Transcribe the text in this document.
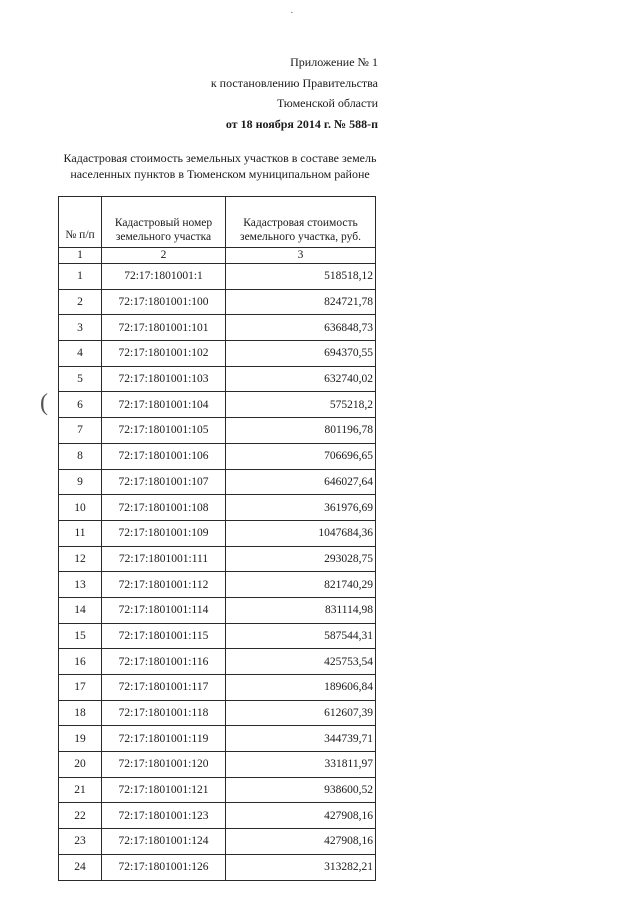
Приложение № 1
к постановлению Правительства
Тюменской области
от 18 ноября 2014 г. № 588-п
Кадастровая стоимость земельных участков в составе земель
населенных пунктов в Тюменском муниципальном районе
№ п/п	Кадастровый номер земельного участка	Кадастровая стоимость земельного участка, руб.
1	2	3
1	72:17:1801001:1	518518,12
2	72:17:1801001:100	824721,78
3	72:17:1801001:101	636848,73
4	72:17:1801001:102	694370,55
5	72:17:1801001:103	632740,02
6	72:17:1801001:104	575218,2
7	72:17:1801001:105	801196,78
8	72:17:1801001:106	706696,65
9	72:17:1801001:107	646027,64
10	72:17:1801001:108	361976,69
11	72:17:1801001:109	1047684,36
12	72:17:1801001:111	293028,75
13	72:17:1801001:112	821740,29
14	72:17:1801001:114	831114,98
15	72:17:1801001:115	587544,31
16	72:17:1801001:116	425753,54
17	72:17:1801001:117	189606,84
18	72:17:1801001:118	612607,39
19	72:17:1801001:119	344739,71
20	72:17:1801001:120	331811,97
21	72:17:1801001:121	938600,52
22	72:17:1801001:123	427908,16
23	72:17:1801001:124	427908,16
24	72:17:1801001:126	313282,21
˙
(
